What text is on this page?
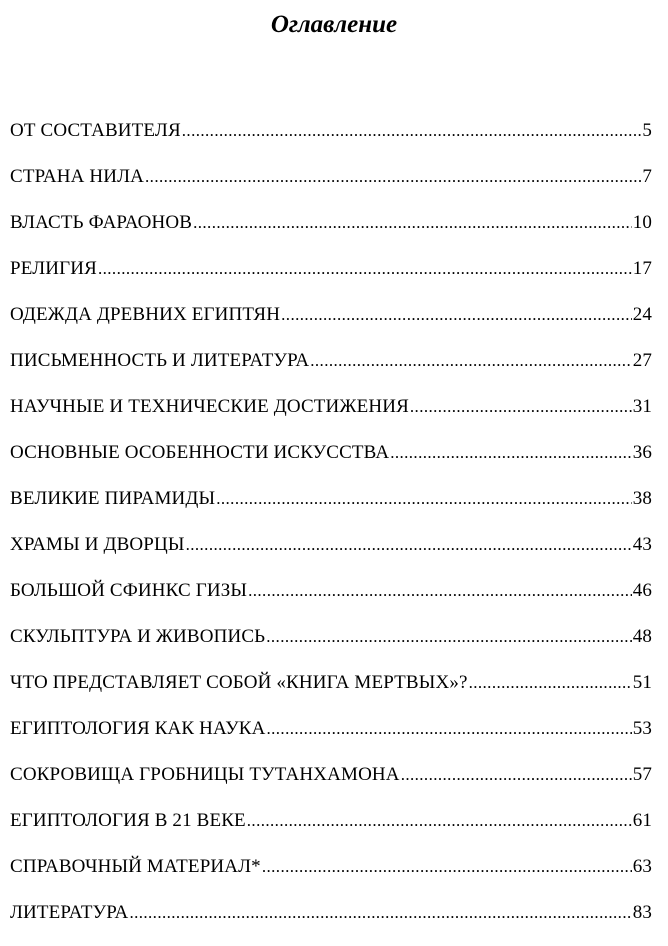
Оглавление
ОТ СОСТАВИТЕЛЯ .....	5
СТРАНА НИЛА .....	7
ВЛАСТЬ ФАРАОНОВ .....	10
РЕЛИГИЯ .....	17
ОДЕЖДА ДРЕВНИХ ЕГИПТЯН .....	24
ПИСЬМЕННОСТЬ И ЛИТЕРАТУРА .....	27
НАУЧНЫЕ И ТЕХНИЧЕСКИЕ ДОСТИЖЕНИЯ .....	31
ОСНОВНЫЕ ОСОБЕННОСТИ ИСКУССТВА .....	36
ВЕЛИКИЕ ПИРАМИДЫ .....	38
ХРАМЫ И ДВОРЦЫ .....	43
БОЛЬШОЙ СФИНКС ГИЗЫ .....	46
СКУЛЬПТУРА И ЖИВОПИСЬ .....	48
ЧТО ПРЕДСТАВЛЯЕТ СОБОЙ «КНИГА МЕРТВЫХ»? .....	51
ЕГИПТОЛОГИЯ КАК НАУКА .....	53
СОКРОВИЩА ГРОБНИЦЫ ТУТАНХАМОНА .....	57
ЕГИПТОЛОГИЯ В 21 ВЕКЕ .....	61
СПРАВОЧНЫЙ МАТЕРИАЛ* .....	63
ЛИТЕРАТУРА .....	83
